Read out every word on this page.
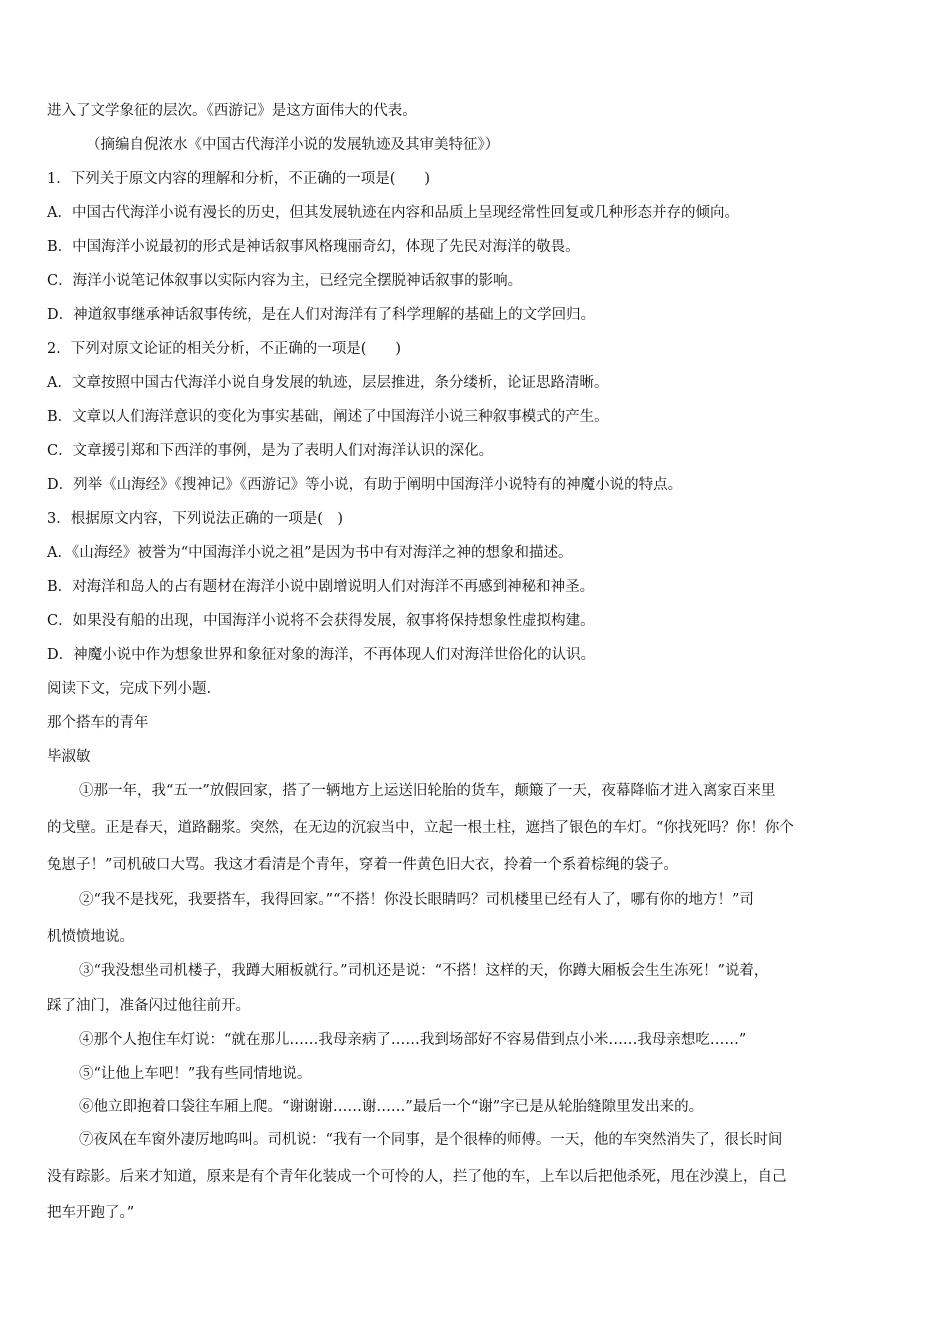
进入了文学象征的层次。《西游记》是这方面伟大的代表。
（摘编自倪浓水《中国古代海洋小说的发展轨迹及其审美特征》）
1．下列关于原文内容的理解和分析，不正确的一项是(　　)
A．中国古代海洋小说有漫长的历史，但其发展轨迹在内容和品质上呈现经常性回复或几种形态并存的倾向。
B．中国海洋小说最初的形式是神话叙事风格瑰丽奇幻，体现了先民对海洋的敬畏。
C．海洋小说笔记体叙事以实际内容为主，已经完全摆脱神话叙事的影响。
D．神道叙事继承神话叙事传统，是在人们对海洋有了科学理解的基础上的文学回归。
2．下列对原文论证的相关分析，不正确的一项是(　　)
A．文章按照中国古代海洋小说自身发展的轨迹，层层推进，条分缕析，论证思路清晰。
B．文章以人们海洋意识的变化为事实基础，阐述了中国海洋小说三种叙事模式的产生。
C．文章援引郑和下西洋的事例，是为了表明人们对海洋认识的深化。
D．列举《山海经》《搜神记》《西游记》等小说，有助于阐明中国海洋小说特有的神魔小说的特点。
3．根据原文内容，下列说法正确的一项是(　)
A．《山海经》被誉为“中国海洋小说之祖”是因为书中有对海洋之神的想象和描述。
B．对海洋和岛人的占有题材在海洋小说中剧增说明人们对海洋不再感到神秘和神圣。
C．如果没有船的出现，中国海洋小说将不会获得发展，叙事将保持想象性虚拟构建。
D．神魔小说中作为想象世界和象征对象的海洋，不再体现人们对海洋世俗化的认识。
阅读下文，完成下列小题.
那个搭车的青年
毕淑敏
①那一年，我“五一”放假回家，搭了一辆地方上运送旧轮胎的货车，颠簸了一天，夜幕降临才进入离家百来里
的戈壁。正是春天，道路翻浆。突然，在无边的沉寂当中，立起一根土柱，遮挡了银色的车灯。“你找死吗？你！你个
兔崽子！”司机破口大骂。我这才看清是个青年，穿着一件黄色旧大衣，拎着一个系着棕绳的袋子。
②“我不是找死，我要搭车，我得回家。”“不搭！你没长眼睛吗？司机楼里已经有人了，哪有你的地方！”司
机愤愤地说。
③“我没想坐司机楼子，我蹲大厢板就行。”司机还是说：“不搭！这样的天，你蹲大厢板会生生冻死！”说着，
踩了油门，准备闪过他往前开。
④那个人抱住车灯说：“就在那儿……我母亲病了……我到场部好不容易借到点小米……我母亲想吃……”
⑤“让他上车吧！”我有些同情地说。
⑥他立即抱着口袋往车厢上爬。“谢谢谢……谢……”最后一个“谢”字已是从轮胎缝隙里发出来的。
⑦夜风在车窗外凄厉地呜叫。司机说：“我有一个同事，是个很棒的师傅。一天，他的车突然消失了，很长时间
没有踪影。后来才知道，原来是有个青年化装成一个可怜的人，拦了他的车，上车以后把他杀死，甩在沙漠上，自己
把车开跑了。”
